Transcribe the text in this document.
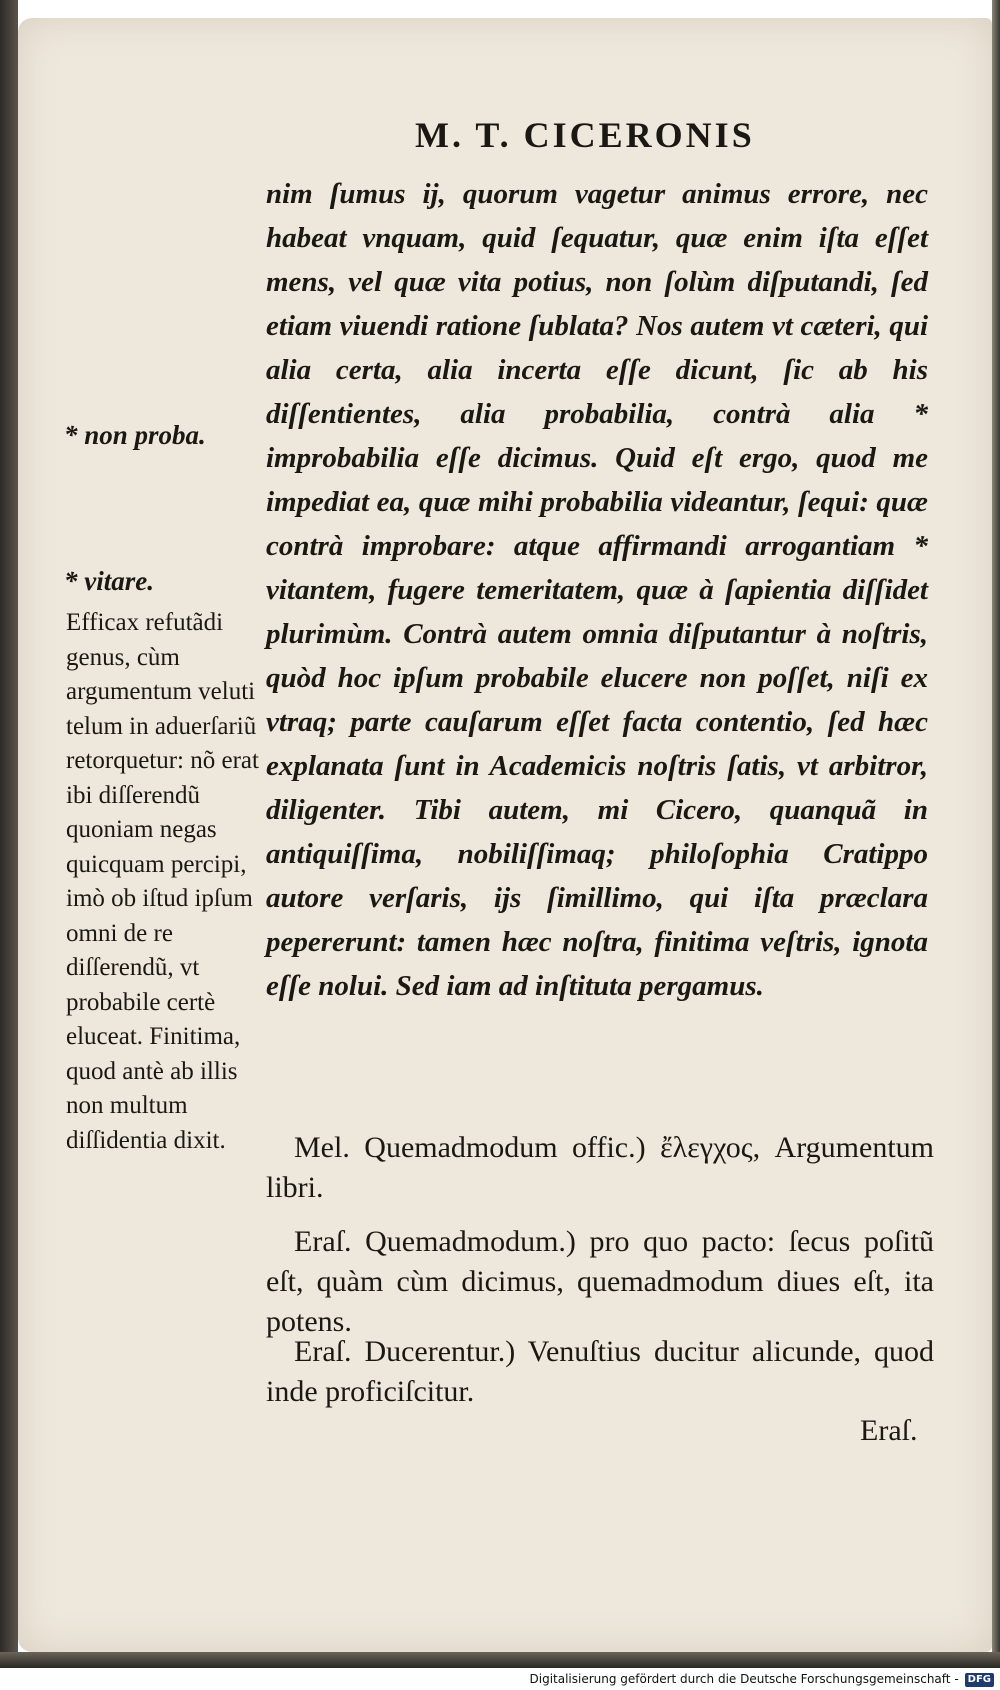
M. T. CICERONIS

nim ſumus ij, quorum vagetur animus errore, nec habeat vnquam, quid ſequatur, quæ enim iſta eſſet mens, vel quæ vita potius, non ſolùm diſputandi, ſed etiam viuendi ratione ſublata? Nos autem vt cæteri, qui alia certa, alia incerta eſſe dicunt, ſic ab his diſſentientes, alia probabilia, contrà alia * improbabilia eſſe dicimus. Quid eſt ergo, quod me impediat ea, quæ mihi probabilia videantur, ſequi: quæ contrà improbare: atque affirmandi arrogantiam * vitantem, fugere temeritatem, quæ à ſapientia diſſidet plurimùm. Contrà autem omnia diſputantur à noſtris, quòd hoc ipſum probabile elucere non poſſet, niſi ex vtraq; parte cauſarum eſſet facta contentio, ſed hæc explanata ſunt in Academicis noſtris ſatis, vt arbitror, diligenter. Tibi autem, mi Cicero, quanquã in antiquiſſima, nobiliſſimaq; philoſophia Cratippo autore verſaris, ijs ſimillimo, qui iſta præclara pepererunt: tamen hæc noſtra, finitima veſtris, ignota eſſe nolui. Sed iam ad inſtituta pergamus.

* non proba.

* vitare.

Efficax refutãdi genus, cùm argumentum veluti telum in aduerſariũ retorquetur: nõ erat ibi diſſerendũ quoniam negas quicquam percipi, imò ob iſtud ipſum omni de re diſſerendũ, vt probabile certè eluceat. Finitima, quod antè ab illis non multum diſſidentia dixit.	Mel. Quemadmodum offic.) ἔλεγχος, Argumentum libri.

Eraſ. Quemadmodum.) pro quo pacto: ſecus poſitũ eſt, quàm cùm dicimus, quemadmodum diues eſt, ita potens.

Eraſ. Ducerentur.) Venuſtius ducitur alicunde, quod inde proficiſcitur.

Eraſ.

Digitalisierung gefördert durch die Deutsche Forschungsgemeinschaft - DFG
